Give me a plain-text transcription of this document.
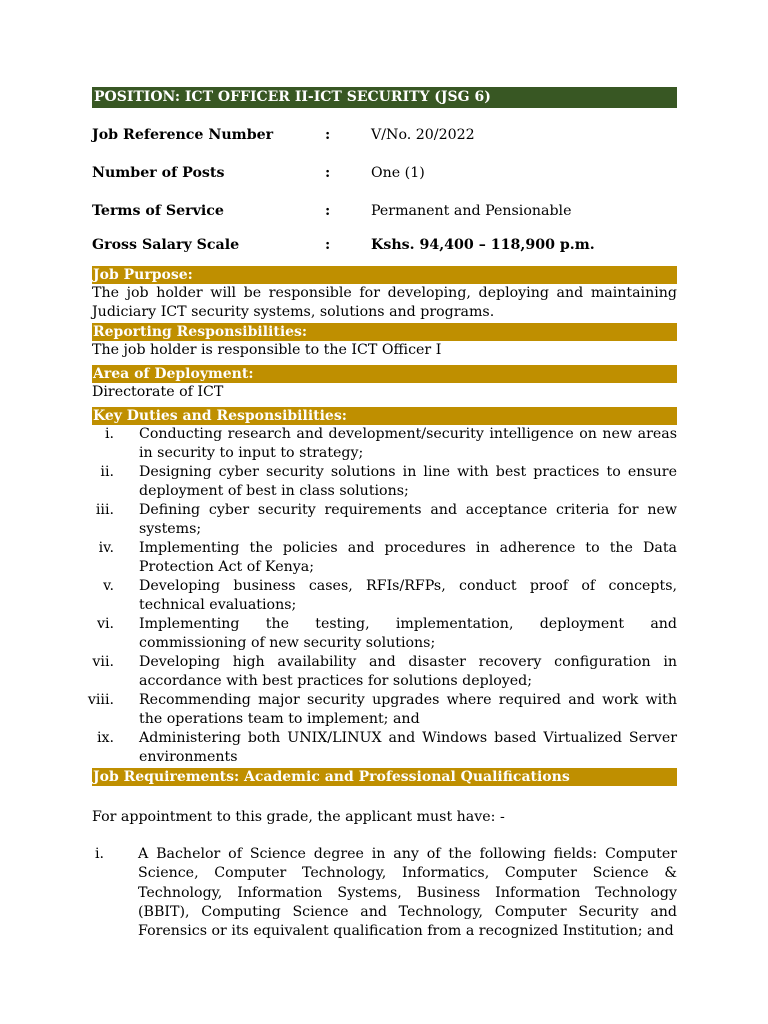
POSITION: ICT OFFICER II-ICT SECURITY (JSG 6)
Job Reference Number	:	V/No. 20/2022
Number of Posts	:	One (1)
Terms of Service	:	Permanent and Pensionable
Gross Salary Scale	:	Kshs. 94,400 – 118,900 p.m.
Job Purpose:
The job holder will be responsible for developing, deploying and maintaining Judiciary ICT security systems, solutions and programs.
Reporting Responsibilities:
The job holder is responsible to the ICT Officer I
Area of Deployment:
Directorate of ICT
Key Duties and Responsibilities:
i. Conducting research and development/security intelligence on new areas in security to input to strategy;
ii. Designing cyber security solutions in line with best practices to ensure deployment of best in class solutions;
iii. Defining cyber security requirements and acceptance criteria for new systems;
iv. Implementing the policies and procedures in adherence to the Data Protection Act of Kenya;
v. Developing business cases, RFIs/RFPs, conduct proof of concepts, technical evaluations;
vi. Implementing the testing, implementation, deployment and commissioning of new security solutions;
vii. Developing high availability and disaster recovery configuration in accordance with best practices for solutions deployed;
viii. Recommending major security upgrades where required and work with the operations team to implement; and
ix. Administering both UNIX/LINUX and Windows based Virtualized Server environments
Job Requirements: Academic and Professional Qualifications
For appointment to this grade, the applicant must have: -
i.	A Bachelor of Science degree in any of the following fields: Computer Science, Computer Technology, Informatics, Computer Science & Technology, Information Systems, Business Information Technology (BBIT), Computing Science and Technology, Computer Security and Forensics or its equivalent qualification from a recognized Institution; and
